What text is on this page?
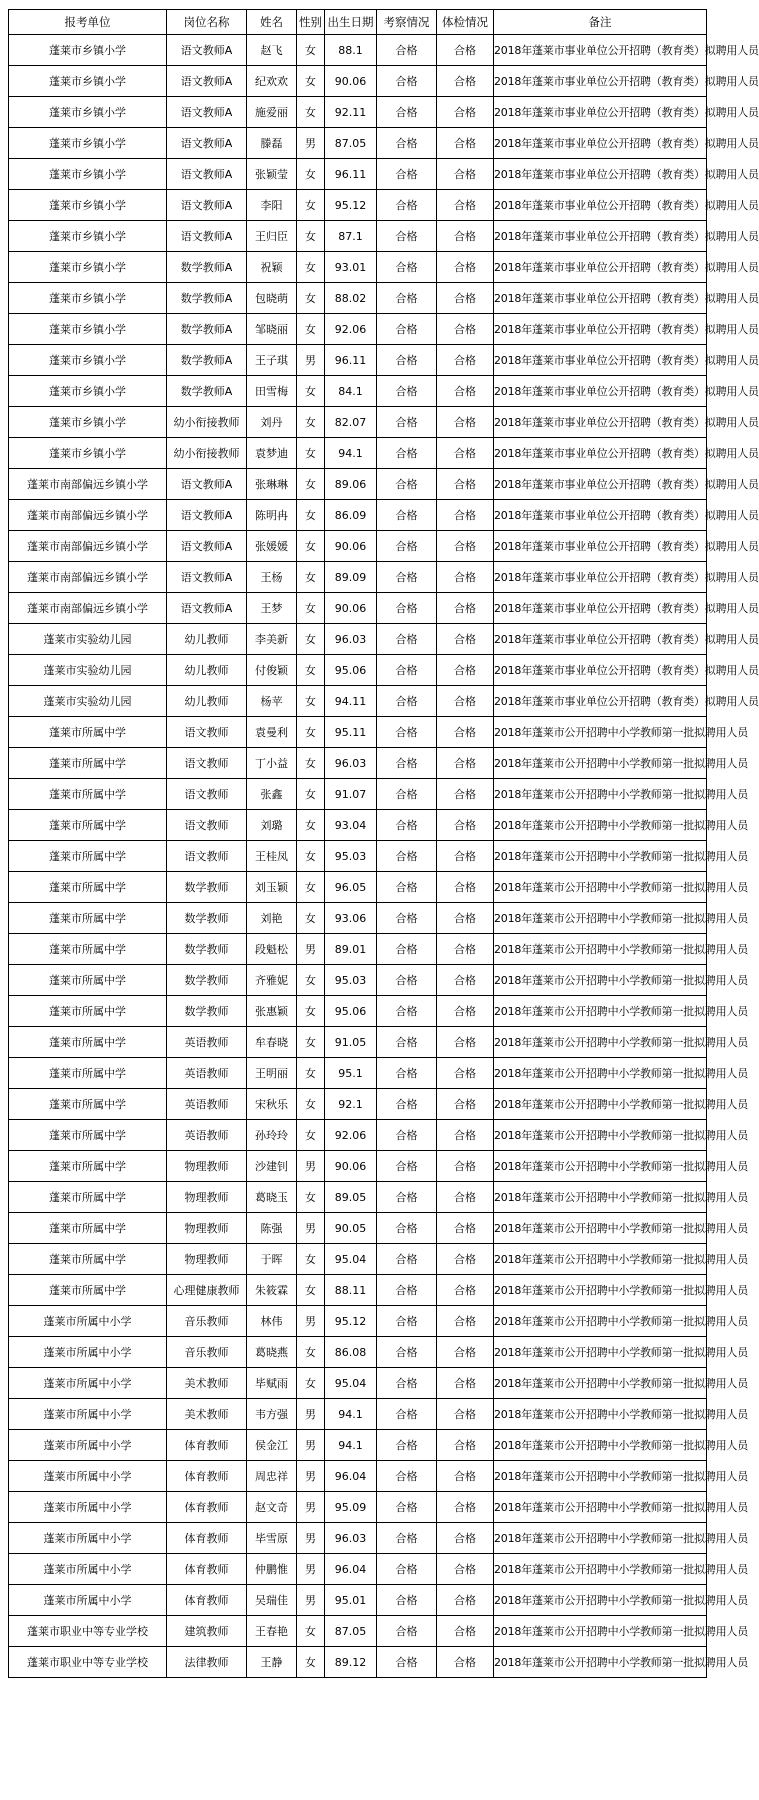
报考单位	岗位名称	姓名	性别	出生日期	考察情况	体检情况	备注
蓬莱市乡镇小学	语文教师A	赵飞	女	88.1	合格	合格	2018年蓬莱市事业单位公开招聘（教育类）拟聘用人员
蓬莱市乡镇小学	语文教师A	纪欢欢	女	90.06	合格	合格	2018年蓬莱市事业单位公开招聘（教育类）拟聘用人员
蓬莱市乡镇小学	语文教师A	施爱丽	女	92.11	合格	合格	2018年蓬莱市事业单位公开招聘（教育类）拟聘用人员
蓬莱市乡镇小学	语文教师A	滕磊	男	87.05	合格	合格	2018年蓬莱市事业单位公开招聘（教育类）拟聘用人员
蓬莱市乡镇小学	语文教师A	张颖莹	女	96.11	合格	合格	2018年蓬莱市事业单位公开招聘（教育类）拟聘用人员
蓬莱市乡镇小学	语文教师A	李阳	女	95.12	合格	合格	2018年蓬莱市事业单位公开招聘（教育类）拟聘用人员
蓬莱市乡镇小学	语文教师A	王归臣	女	87.1	合格	合格	2018年蓬莱市事业单位公开招聘（教育类）拟聘用人员
蓬莱市乡镇小学	数学教师A	祝颖	女	93.01	合格	合格	2018年蓬莱市事业单位公开招聘（教育类）拟聘用人员
蓬莱市乡镇小学	数学教师A	包晓萌	女	88.02	合格	合格	2018年蓬莱市事业单位公开招聘（教育类）拟聘用人员
蓬莱市乡镇小学	数学教师A	邹晓丽	女	92.06	合格	合格	2018年蓬莱市事业单位公开招聘（教育类）拟聘用人员
蓬莱市乡镇小学	数学教师A	王子琪	男	96.11	合格	合格	2018年蓬莱市事业单位公开招聘（教育类）拟聘用人员
蓬莱市乡镇小学	数学教师A	田雪梅	女	84.1	合格	合格	2018年蓬莱市事业单位公开招聘（教育类）拟聘用人员
蓬莱市乡镇小学	幼小衔接教师	刘丹	女	82.07	合格	合格	2018年蓬莱市事业单位公开招聘（教育类）拟聘用人员
蓬莱市乡镇小学	幼小衔接教师	袁梦迪	女	94.1	合格	合格	2018年蓬莱市事业单位公开招聘（教育类）拟聘用人员
蓬莱市南部偏远乡镇小学	语文教师A	张琳琳	女	89.06	合格	合格	2018年蓬莱市事业单位公开招聘（教育类）拟聘用人员
蓬莱市南部偏远乡镇小学	语文教师A	陈明冉	女	86.09	合格	合格	2018年蓬莱市事业单位公开招聘（教育类）拟聘用人员
蓬莱市南部偏远乡镇小学	语文教师A	张媛媛	女	90.06	合格	合格	2018年蓬莱市事业单位公开招聘（教育类）拟聘用人员
蓬莱市南部偏远乡镇小学	语文教师A	王杨	女	89.09	合格	合格	2018年蓬莱市事业单位公开招聘（教育类）拟聘用人员
蓬莱市南部偏远乡镇小学	语文教师A	王梦	女	90.06	合格	合格	2018年蓬莱市事业单位公开招聘（教育类）拟聘用人员
蓬莱市实验幼儿园	幼儿教师	李美新	女	96.03	合格	合格	2018年蓬莱市事业单位公开招聘（教育类）拟聘用人员
蓬莱市实验幼儿园	幼儿教师	付俊颖	女	95.06	合格	合格	2018年蓬莱市事业单位公开招聘（教育类）拟聘用人员
蓬莱市实验幼儿园	幼儿教师	杨苹	女	94.11	合格	合格	2018年蓬莱市事业单位公开招聘（教育类）拟聘用人员
蓬莱市所属中学	语文教师	袁曼利	女	95.11	合格	合格	2018年蓬莱市公开招聘中小学教师第一批拟聘用人员
蓬莱市所属中学	语文教师	丁小益	女	96.03	合格	合格	2018年蓬莱市公开招聘中小学教师第一批拟聘用人员
蓬莱市所属中学	语文教师	张鑫	女	91.07	合格	合格	2018年蓬莱市公开招聘中小学教师第一批拟聘用人员
蓬莱市所属中学	语文教师	刘璐	女	93.04	合格	合格	2018年蓬莱市公开招聘中小学教师第一批拟聘用人员
蓬莱市所属中学	语文教师	王桂凤	女	95.03	合格	合格	2018年蓬莱市公开招聘中小学教师第一批拟聘用人员
蓬莱市所属中学	数学教师	刘玉颖	女	96.05	合格	合格	2018年蓬莱市公开招聘中小学教师第一批拟聘用人员
蓬莱市所属中学	数学教师	刘艳	女	93.06	合格	合格	2018年蓬莱市公开招聘中小学教师第一批拟聘用人员
蓬莱市所属中学	数学教师	段魁松	男	89.01	合格	合格	2018年蓬莱市公开招聘中小学教师第一批拟聘用人员
蓬莱市所属中学	数学教师	齐雅妮	女	95.03	合格	合格	2018年蓬莱市公开招聘中小学教师第一批拟聘用人员
蓬莱市所属中学	数学教师	张惠颖	女	95.06	合格	合格	2018年蓬莱市公开招聘中小学教师第一批拟聘用人员
蓬莱市所属中学	英语教师	牟春晓	女	91.05	合格	合格	2018年蓬莱市公开招聘中小学教师第一批拟聘用人员
蓬莱市所属中学	英语教师	王明丽	女	95.1	合格	合格	2018年蓬莱市公开招聘中小学教师第一批拟聘用人员
蓬莱市所属中学	英语教师	宋秋乐	女	92.1	合格	合格	2018年蓬莱市公开招聘中小学教师第一批拟聘用人员
蓬莱市所属中学	英语教师	孙玲玲	女	92.06	合格	合格	2018年蓬莱市公开招聘中小学教师第一批拟聘用人员
蓬莱市所属中学	物理教师	沙建钊	男	90.06	合格	合格	2018年蓬莱市公开招聘中小学教师第一批拟聘用人员
蓬莱市所属中学	物理教师	葛晓玉	女	89.05	合格	合格	2018年蓬莱市公开招聘中小学教师第一批拟聘用人员
蓬莱市所属中学	物理教师	陈强	男	90.05	合格	合格	2018年蓬莱市公开招聘中小学教师第一批拟聘用人员
蓬莱市所属中学	物理教师	于晖	女	95.04	合格	合格	2018年蓬莱市公开招聘中小学教师第一批拟聘用人员
蓬莱市所属中学	心理健康教师	朱筱霖	女	88.11	合格	合格	2018年蓬莱市公开招聘中小学教师第一批拟聘用人员
蓬莱市所属中小学	音乐教师	林伟	男	95.12	合格	合格	2018年蓬莱市公开招聘中小学教师第一批拟聘用人员
蓬莱市所属中小学	音乐教师	葛晓燕	女	86.08	合格	合格	2018年蓬莱市公开招聘中小学教师第一批拟聘用人员
蓬莱市所属中小学	美术教师	毕赋雨	女	95.04	合格	合格	2018年蓬莱市公开招聘中小学教师第一批拟聘用人员
蓬莱市所属中小学	美术教师	韦方强	男	94.1	合格	合格	2018年蓬莱市公开招聘中小学教师第一批拟聘用人员
蓬莱市所属中小学	体育教师	侯金江	男	94.1	合格	合格	2018年蓬莱市公开招聘中小学教师第一批拟聘用人员
蓬莱市所属中小学	体育教师	周忠祥	男	96.04	合格	合格	2018年蓬莱市公开招聘中小学教师第一批拟聘用人员
蓬莱市所属中小学	体育教师	赵文奇	男	95.09	合格	合格	2018年蓬莱市公开招聘中小学教师第一批拟聘用人员
蓬莱市所属中小学	体育教师	毕雪原	男	96.03	合格	合格	2018年蓬莱市公开招聘中小学教师第一批拟聘用人员
蓬莱市所属中小学	体育教师	仲鹏惟	男	96.04	合格	合格	2018年蓬莱市公开招聘中小学教师第一批拟聘用人员
蓬莱市所属中小学	体育教师	吴瑞佳	男	95.01	合格	合格	2018年蓬莱市公开招聘中小学教师第一批拟聘用人员
蓬莱市职业中等专业学校	建筑教师	王春艳	女	87.05	合格	合格	2018年蓬莱市公开招聘中小学教师第一批拟聘用人员
蓬莱市职业中等专业学校	法律教师	王静	女	89.12	合格	合格	2018年蓬莱市公开招聘中小学教师第一批拟聘用人员
